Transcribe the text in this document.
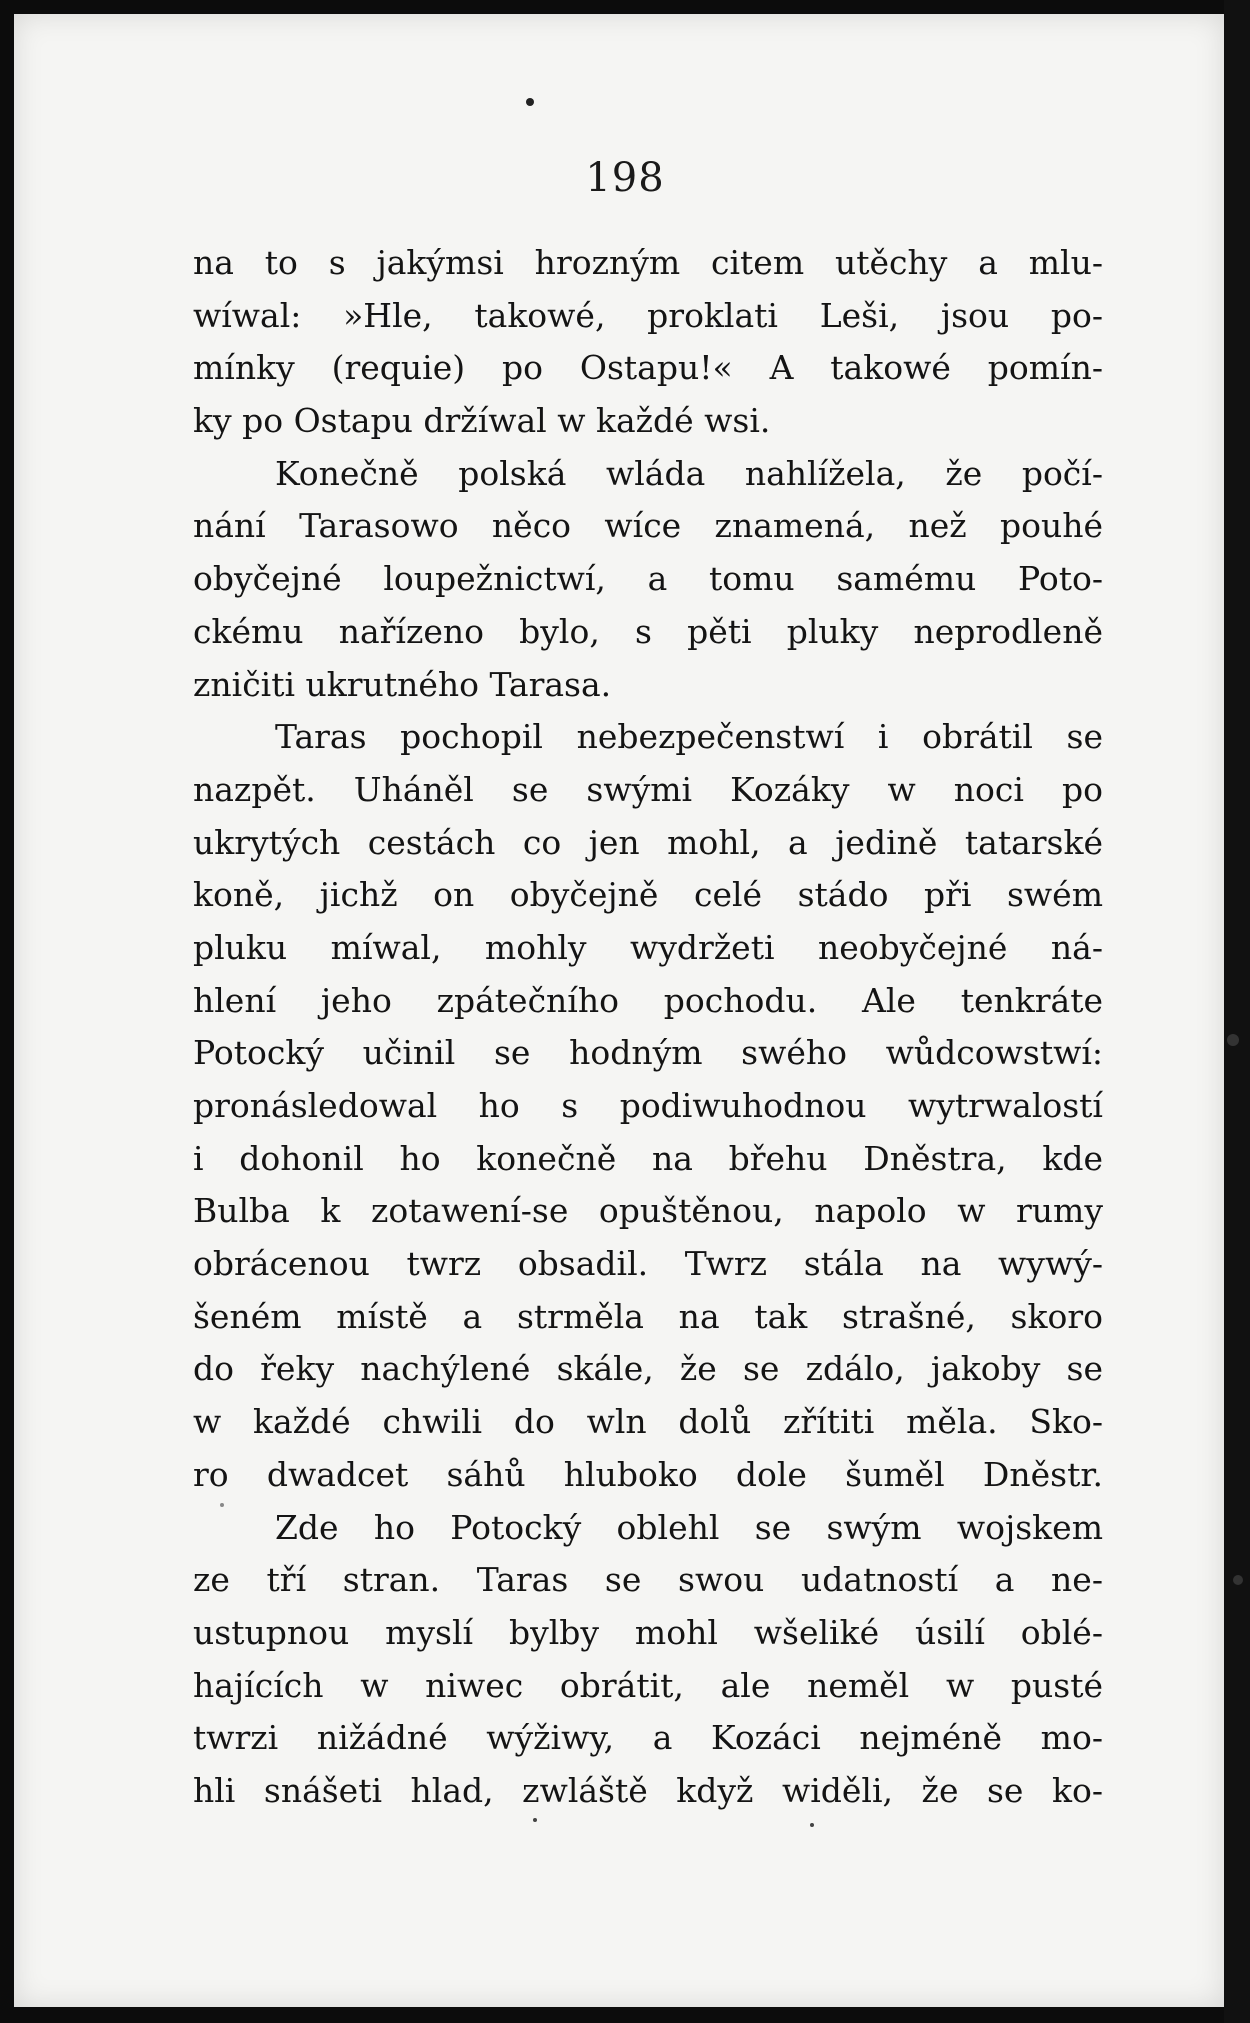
198
na to s jakýmsi hrozným citem utěchy a mlu-
wíwal: »Hle, takowé, proklati Leši, jsou po-
mínky (requie) po Ostapu!« A takowé pomín-
ky po Ostapu držíwal w každé wsi.
Konečně polská wláda nahlížela, že počí-
nání Tarasowo něco wíce znamená, než pouhé
obyčejné loupežnictwí, a tomu samému Poto-
ckému nařízeno bylo, s pěti pluky neprodleně
zničiti ukrutného Tarasa.
Taras pochopil nebezpečenstwí i obrátil se
nazpět. Uháněl se swými Kozáky w noci po
ukrytých cestách co jen mohl, a jedině tatarské
koně, jichž on obyčejně celé stádo při swém
pluku míwal, mohly wydržeti neobyčejné ná-
hlení jeho zpátečního pochodu. Ale tenkráte
Potocký učinil se hodným swého wůdcowstwí:
pronásledowal ho s podiwuhodnou wytrwalostí
i dohonil ho konečně na břehu Dněstra, kde
Bulba k zotawení-se opuštěnou, napolo w rumy
obrácenou twrz obsadil. Twrz stála na wywý-
šeném místě a strměla na tak strašné, skoro
do řeky nachýlené skále, že se zdálo, jakoby se
w každé chwili do wln dolů zřítiti měla. Sko-
ro dwadcet sáhů hluboko dole šuměl Dněstr.
Zde ho Potocký oblehl se swým wojskem
ze tří stran. Taras se swou udatností a ne-
ustupnou myslí bylby mohl wšeliké úsilí oblé-
hajících w niwec obrátit, ale neměl w pusté
twrzi nižádné wýžiwy, a Kozáci nejméně mo-
hli snášeti hlad, zwláště když widěli, že se ko-
